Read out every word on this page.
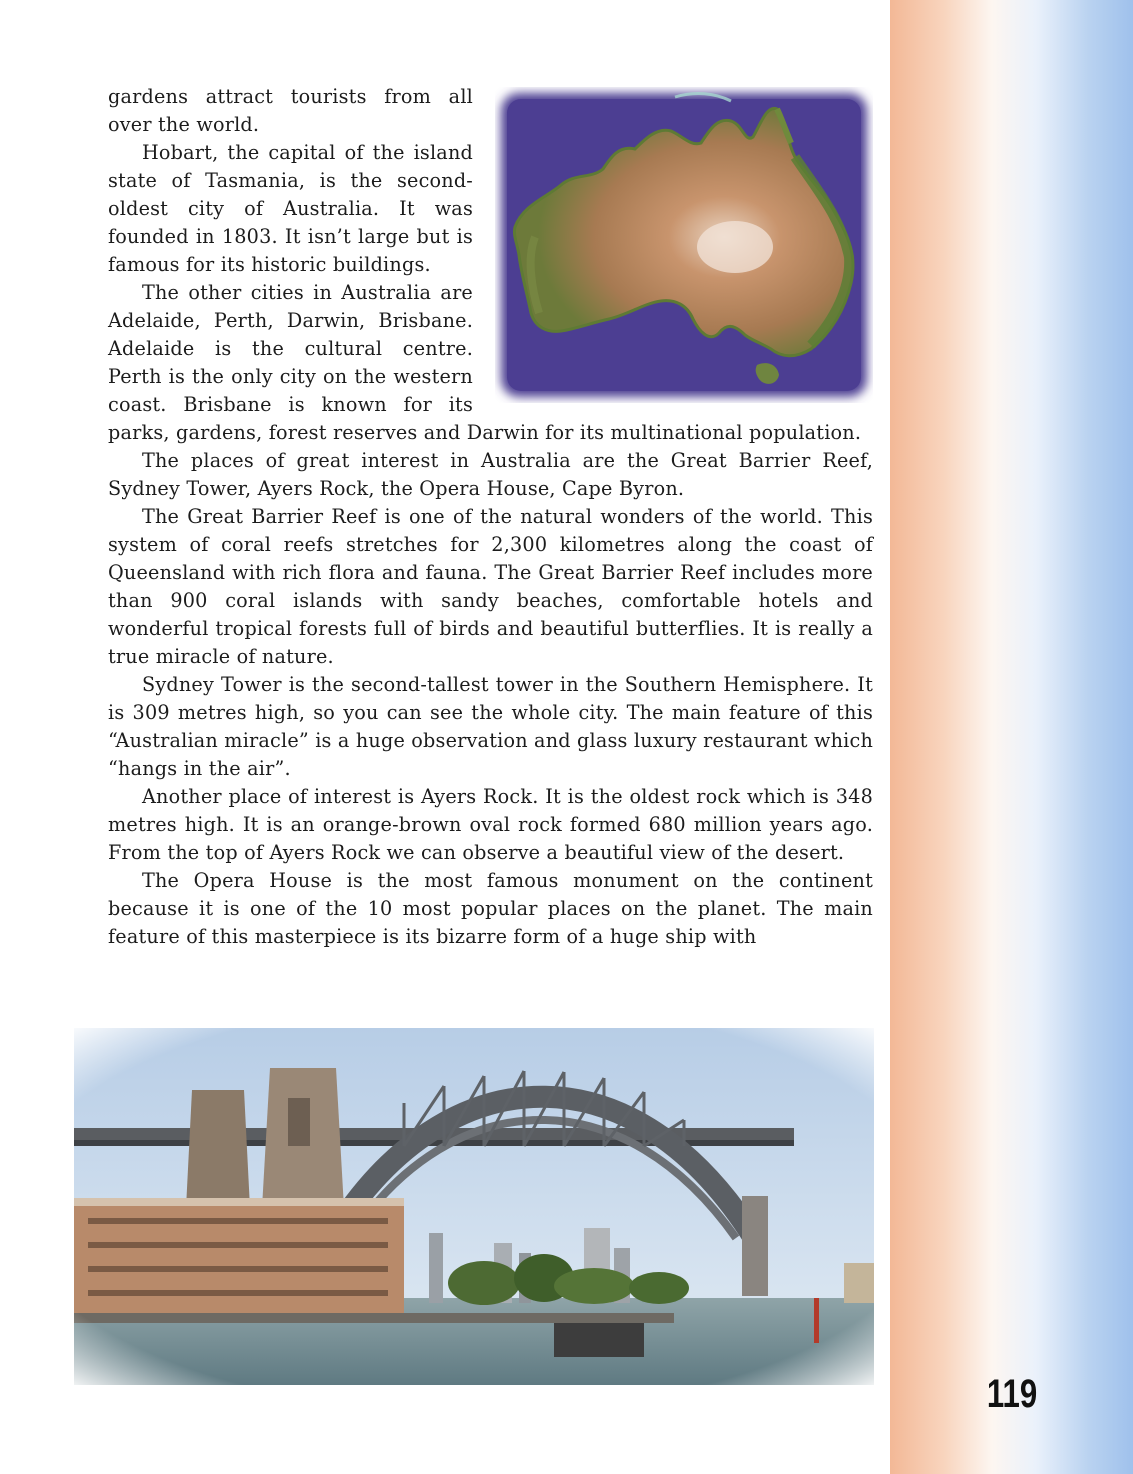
gardens attract tourists from all over the world.

Hobart, the capital of the island state of Tasmania, is the second-oldest city of Australia. It was founded in 1803. It isn’t large but is famous for its historic buildings.

The other cities in Australia are Adelaide, Perth, Darwin, Brisbane. Adelaide is the cultural centre. Perth is the only city on the western coast. Brisbane is known for its parks, gardens, forest reserves and Darwin for its multinational population.

The places of great interest in Australia are the Great Barrier Reef, Sydney Tower, Ayers Rock, the Opera House, Cape Byron.

The Great Barrier Reef is one of the natural wonders of the world. This system of coral reefs stretches for 2,300 kilometres along the coast of Queensland with rich flora and fauna. The Great Barrier Reef includes more than 900 coral islands with sandy beaches, comfortable hotels and wonderful tropical forests full of birds and beautiful butterflies. It is really a true miracle of nature.

Sydney Tower is the second-tallest tower in the Southern Hemisphere. It is 309 metres high, so you can see the whole city. The main feature of this “Australian miracle” is a huge observation and glass luxury restaurant which “hangs in the air”.

Another place of interest is Ayers Rock. It is the oldest rock which is 348 metres high. It is an orange-brown oval rock formed 680 million years ago. From the top of Ayers Rock we can observe a beautiful view of the desert.

The Opera House is the most famous monument on the continent because it is one of the 10 most popular places on the planet. The main feature of this masterpiece is its bizarre form of a huge ship with

119
